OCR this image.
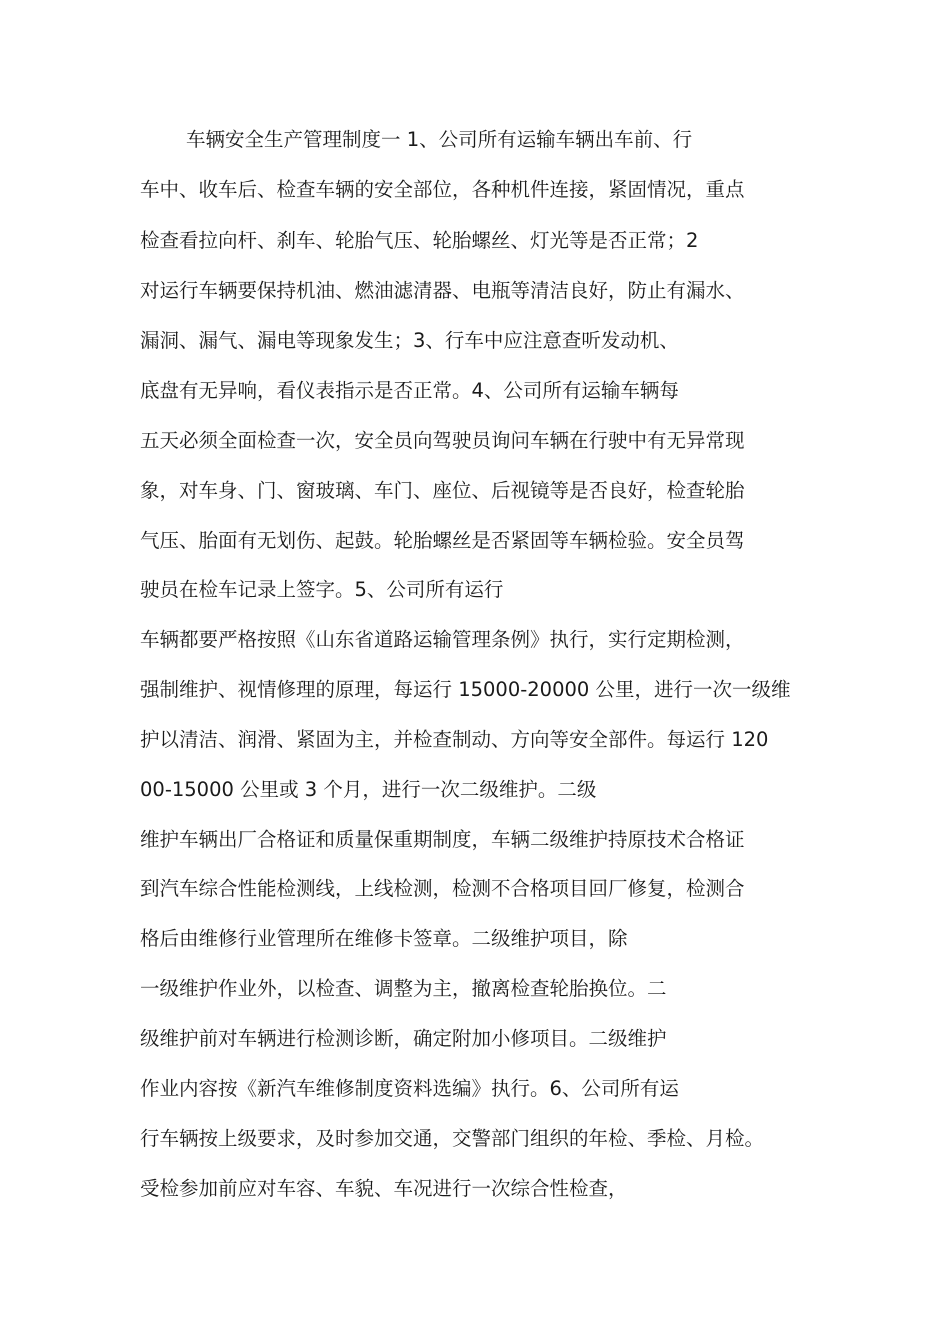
车辆安全生产管理制度一 1、公司所有运输车辆出车前、行
车中、收车后、检查车辆的安全部位，各种机件连接，紧固情况，重点
检查看拉向杆、刹车、轮胎气压、轮胎螺丝、灯光等是否正常；2
对运行车辆要保持机油、燃油滤清器、电瓶等清洁良好，防止有漏水、
漏洞、漏气、漏电等现象发生；3、行车中应注意查听发动机、
底盘有无异响，看仪表指示是否正常。4、公司所有运输车辆每
五天必须全面检查一次，安全员向驾驶员询问车辆在行驶中有无异常现
象，对车身、门、窗玻璃、车门、座位、后视镜等是否良好，检查轮胎
气压、胎面有无划伤、起鼓。轮胎螺丝是否紧固等车辆检验。安全员驾
驶员在检车记录上签字。5、公司所有运行
车辆都要严格按照《山东省道路运输管理条例》执行，实行定期检测，
强制维护、视情修理的原理，每运行 15000-20000 公里，进行一次一级维
护以清洁、润滑、紧固为主，并检查制动、方向等安全部件。每运行 120
00-15000 公里或 3 个月，进行一次二级维护。二级
维护车辆出厂合格证和质量保重期制度，车辆二级维护持原技术合格证
到汽车综合性能检测线，上线检测，检测不合格项目回厂修复，检测合
格后由维修行业管理所在维修卡签章。二级维护项目，除
一级维护作业外，以检查、调整为主，撤离检查轮胎换位。二
级维护前对车辆进行检测诊断，确定附加小修项目。二级维护
作业内容按《新汽车维修制度资料选编》执行。6、公司所有运
行车辆按上级要求，及时参加交通，交警部门组织的年检、季检、月检。
受检参加前应对车容、车貌、车况进行一次综合性检查，
